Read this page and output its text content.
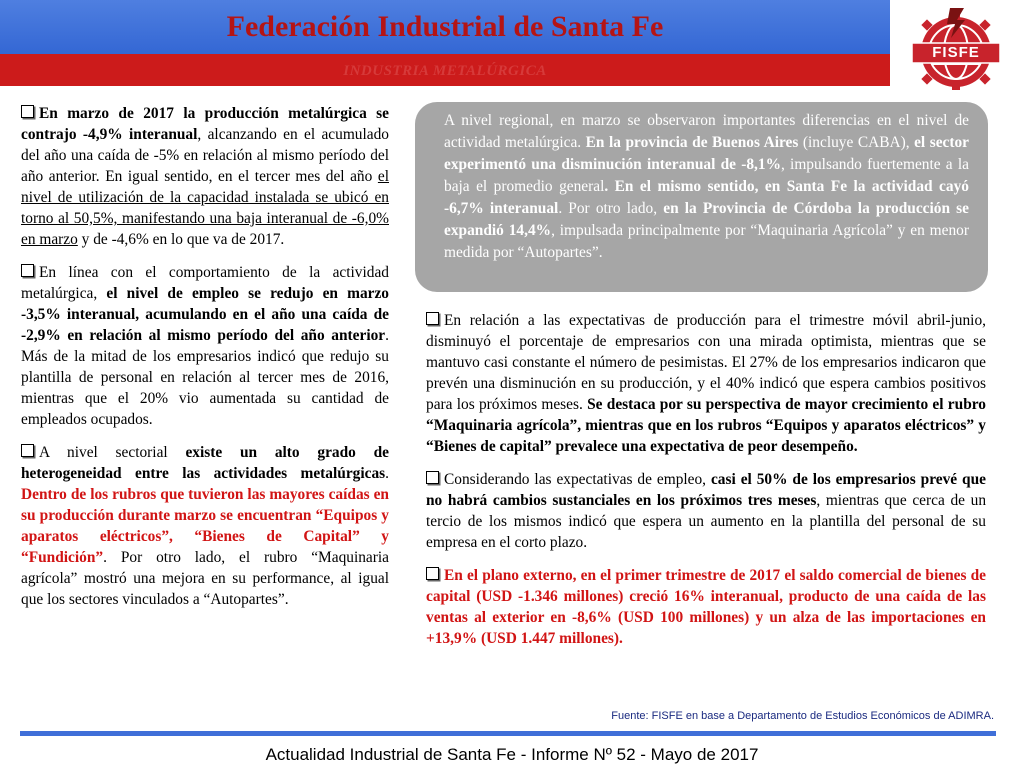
Federación Industrial de Santa Fe
INDUSTRIA METALÚRGICA
FISFE

En marzo de 2017 la producción metalúrgica se contrajo -4,9% interanual, alcanzando en el acumulado del año una caída de -5% en relación al mismo período del año anterior. En igual sentido, en el tercer mes del año el nivel de utilización de la capacidad instalada se ubicó en torno al 50,5%, manifestando una baja interanual de -6,0% en marzo y de -4,6% en lo que va de 2017.

En línea con el comportamiento de la actividad metalúrgica, el nivel de empleo se redujo en marzo -3,5% interanual, acumulando en el año una caída de -2,9% en relación al mismo período del año anterior. Más de la mitad de los empresarios indicó que redujo su plantilla de personal en relación al tercer mes de 2016, mientras que el 20% vio aumentada su cantidad de empleados ocupados.

A nivel sectorial existe un alto grado de heterogeneidad entre las actividades metalúrgicas. Dentro de los rubros que tuvieron las mayores caídas en su producción durante marzo se encuentran “Equipos y aparatos eléctricos”, “Bienes de Capital” y “Fundición”. Por otro lado, el rubro “Maquinaria agrícola” mostró una mejora en su performance, al igual que los sectores vinculados a “Autopartes”.

A nivel regional, en marzo se observaron importantes diferencias en el nivel de actividad metalúrgica. En la provincia de Buenos Aires (incluye CABA), el sector experimentó una disminución interanual de -8,1%, impulsando fuertemente a la baja el promedio general. En el mismo sentido, en Santa Fe la actividad cayó -6,7% interanual. Por otro lado, en la Provincia de Córdoba la producción se expandió 14,4%, impulsada principalmente por “Maquinaria Agrícola” y en menor medida por “Autopartes”.

En relación a las expectativas de producción para el trimestre móvil abril-junio, disminuyó el porcentaje de empresarios con una mirada optimista, mientras que se mantuvo casi constante el número de pesimistas. El 27% de los empresarios indicaron que prevén una disminución en su producción, y el 40% indicó que espera cambios positivos para los próximos meses. Se destaca por su perspectiva de mayor crecimiento el rubro “Maquinaria agrícola”, mientras que en los rubros “Equipos y aparatos eléctricos” y “Bienes de capital” prevalece una expectativa de peor desempeño.

Considerando las expectativas de empleo, casi el 50% de los empresarios prevé que no habrá cambios sustanciales en los próximos tres meses, mientras que cerca de un tercio de los mismos indicó que espera un aumento en la plantilla del personal de su empresa en el corto plazo.

En el plano externo, en el primer trimestre de 2017 el saldo comercial de bienes de capital (USD -1.346 millones) creció 16% interanual, producto de una caída de las ventas al exterior en -8,6% (USD 100 millones) y un alza de las importaciones en +13,9% (USD 1.447 millones).

Fuente: FISFE en base a Departamento de Estudios Económicos de ADIMRA.
Actualidad Industrial de Santa Fe - Informe Nº 52 - Mayo de 2017
